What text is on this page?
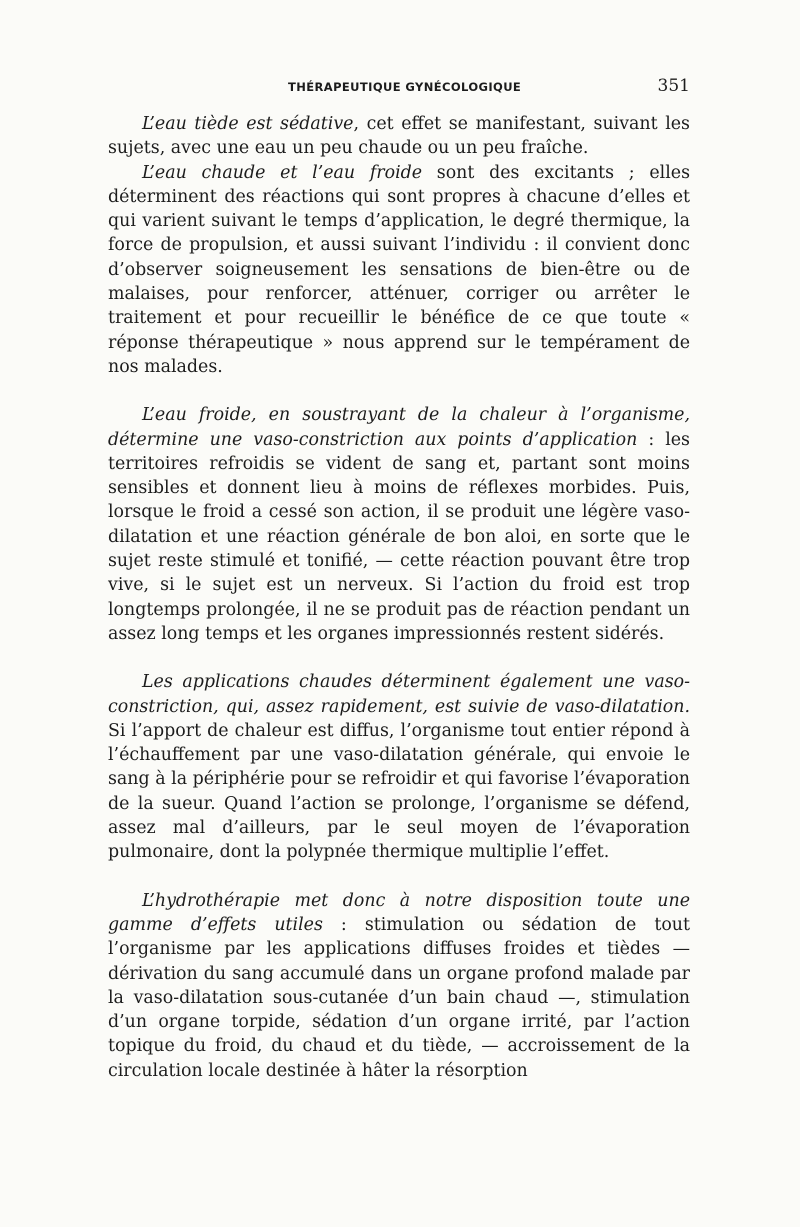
THÉRAPEUTIQUE GYNÉCOLOGIQUE	351

L’eau tiède est sédative, cet effet se manifestant, suivant les sujets, avec une eau un peu chaude ou un peu fraîche.

L’eau chaude et l’eau froide sont des excitants ; elles déterminent des réactions qui sont propres à chacune d’elles et qui varient suivant le temps d’application, le degré thermique, la force de propulsion, et aussi suivant l’individu : il convient donc d’observer soigneusement les sensations de bien-être ou de malaises, pour renforcer, atténuer, corriger ou arrêter le traitement et pour recueillir le bénéfice de ce que toute « réponse thérapeutique » nous apprend sur le tempérament de nos malades.

L’eau froide, en soustrayant de la chaleur à l’organisme, détermine une vaso-constriction aux points d’application : les territoires refroidis se vident de sang et, partant sont moins sensibles et donnent lieu à moins de réflexes morbides. Puis, lorsque le froid a cessé son action, il se produit une légère vaso-dilatation et une réaction générale de bon aloi, en sorte que le sujet reste stimulé et tonifié, — cette réaction pouvant être trop vive, si le sujet est un nerveux. Si l’action du froid est trop longtemps prolongée, il ne se produit pas de réaction pendant un assez long temps et les organes impressionnés restent sidérés.

Les applications chaudes déterminent également une vaso-constriction, qui, assez rapidement, est suivie de vaso-dilatation. Si l’apport de chaleur est diffus, l’organisme tout entier répond à l’échauffement par une vaso-dilatation générale, qui envoie le sang à la périphérie pour se refroidir et qui favorise l’évaporation de la sueur. Quand l’action se prolonge, l’organisme se défend, assez mal d’ailleurs, par le seul moyen de l’évaporation pulmonaire, dont la polypnée thermique multiplie l’effet.

L’hydrothérapie met donc à notre disposition toute une gamme d’effets utiles : stimulation ou sédation de tout l’organisme par les applications diffuses froides et tièdes — dérivation du sang accumulé dans un organe profond malade par la vaso-dilatation sous-cutanée d’un bain chaud —, stimulation d’un organe torpide, sédation d’un organe irrité, par l’action topique du froid, du chaud et du tiède, — accroissement de la circulation locale destinée à hâter la résorption
